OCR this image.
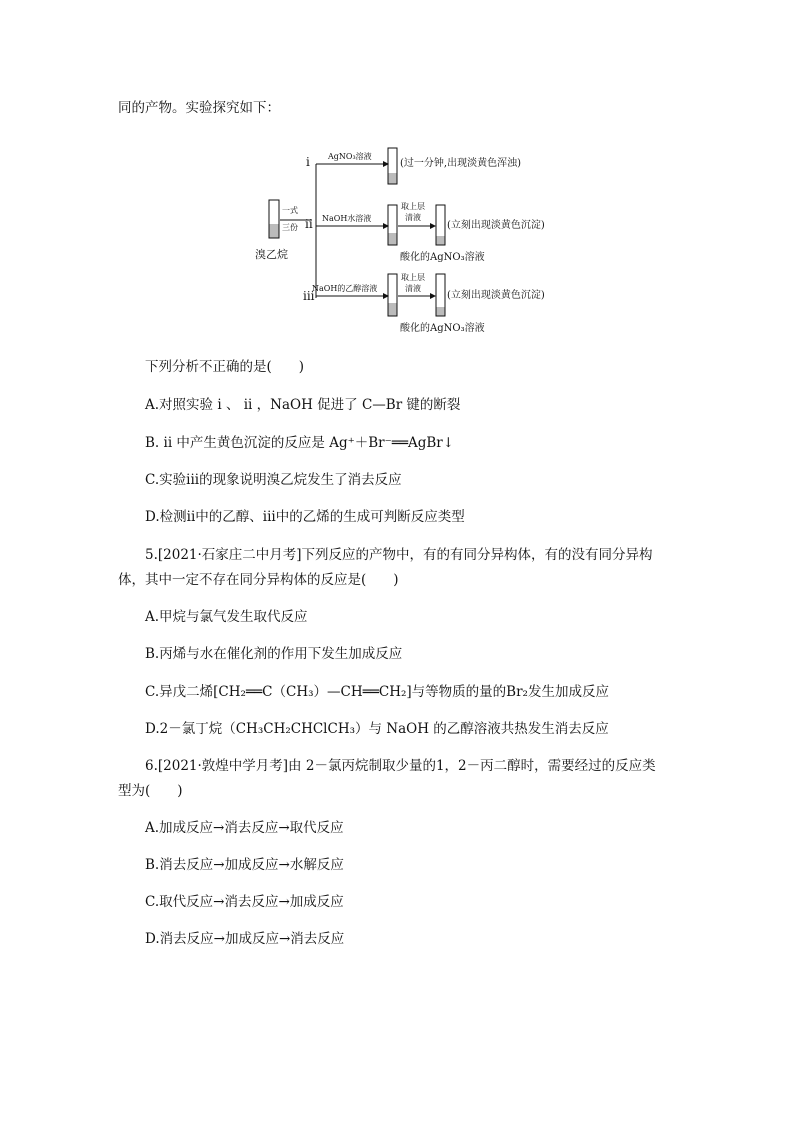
同的产物。实验探究如下：
溴乙烷
一式
三份
i
ii
iii
AgNO₃溶液
(过一分钟,出现淡黄色浑浊)
NaOH水溶液
取上层
清液
(立刻出现淡黄色沉淀)
酸化的AgNO₃溶液
NaOH的乙醇溶液
取上层
清液
(立刻出现淡黄色沉淀)
酸化的AgNO₃溶液
下列分析不正确的是(　　)
A.对照实验 i 、 ii ，NaOH 促进了 C—Br 键的断裂
B. ii 中产生黄色沉淀的反应是 Ag⁺＋Br⁻══AgBr↓
C.实验iii的现象说明溴乙烷发生了消去反应
D.检测ii中的乙醇、iii中的乙烯的生成可判断反应类型
5.[2021·石家庄二中月考]下列反应的产物中，有的有同分异构体，有的没有同分异构
体，其中一定不存在同分异构体的反应是(　　)
A.甲烷与氯气发生取代反应
B.丙烯与水在催化剂的作用下发生加成反应
C.异戊二烯[CH₂══C（CH₃）—CH══CH₂]与等物质的量的Br₂发生加成反应
D.2－氯丁烷（CH₃CH₂CHClCH₃）与 NaOH 的乙醇溶液共热发生消去反应
6.[2021·敦煌中学月考]由 2－氯丙烷制取少量的1，2－丙二醇时，需要经过的反应类
型为(　　)
A.加成反应→消去反应→取代反应
B.消去反应→加成反应→水解反应
C.取代反应→消去反应→加成反应
D.消去反应→加成反应→消去反应
